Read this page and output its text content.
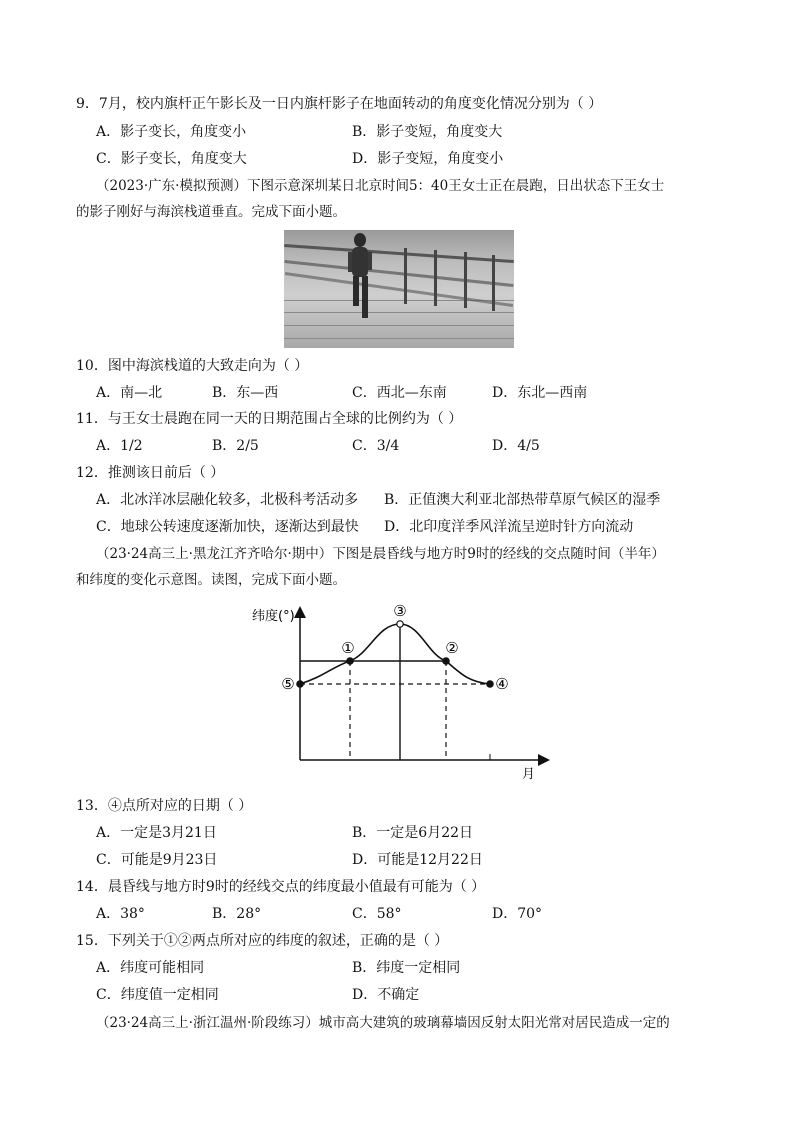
9．7月，校内旗杆正午影长及一日内旗杆影子在地面转动的角度变化情况分别为（ ）
A．影子变长，角度变小	B．影子变短，角度变大
C．影子变长，角度变大	D．影子变短，角度变小
（2023·广东·模拟预测）下图示意深圳某日北京时间5：40王女士正在晨跑，日出状态下王女士
的影子刚好与海滨栈道垂直。完成下面小题。
10．图中海滨栈道的大致走向为（ ）
A．南—北	B．东—西	C．西北—东南	D．东北—西南
11．与王女士晨跑在同一天的日期范围占全球的比例约为（ ）
A．1/2	B．2/5	C．3/4	D．4/5
12．推测该日前后（ ）
A．北冰洋冰层融化较多，北极科考活动多 B．正值澳大利亚北部热带草原气候区的湿季
C．地球公转速度逐渐加快，逐渐达到最快 D．北印度洋季风洋流呈逆时针方向流动
（23·24高三上·黑龙江齐齐哈尔·期中）下图是晨昏线与地方时9时的经线的交点随时间（半年）
和纬度的变化示意图。读图，完成下面小题。
纬度(°)
月
⑤
①
③
②
④
13．④点所对应的日期（ ）
A．一定是3月21日	B．一定是6月22日
C．可能是9月23日	D．可能是12月22日
14．晨昏线与地方时9时的经线交点的纬度最小值最有可能为（ ）
A．38°	B．28°	C．58°	D．70°
15．下列关于①②两点所对应的纬度的叙述，正确的是（ ）
A．纬度可能相同	B．纬度一定相同
C．纬度值一定相同	D．不确定
（23·24高三上·浙江温州·阶段练习）城市高大建筑的玻璃幕墙因反射太阳光常对居民造成一定的
